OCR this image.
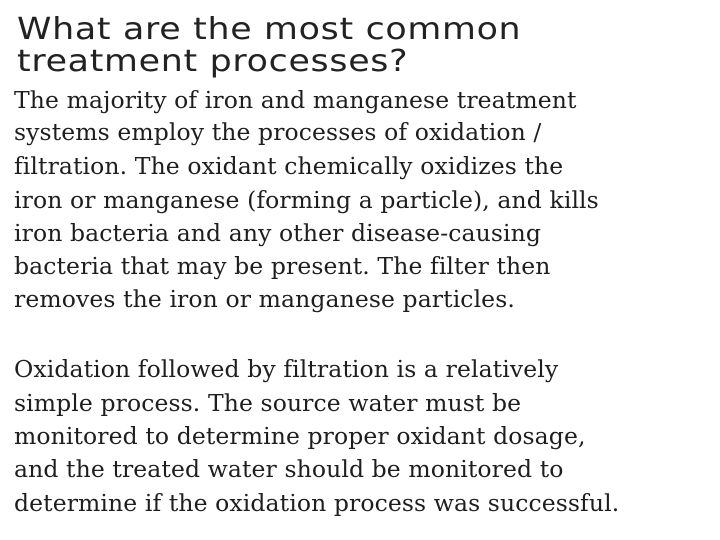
What are the most common
treatment processes?
The majority of iron and manganese treatment
systems employ the processes of oxidation /
filtration. The oxidant chemically oxidizes the
iron or manganese (forming a particle), and kills
iron bacteria and any other disease-causing
bacteria that may be present. The filter then
removes the iron or manganese particles.
Oxidation followed by filtration is a relatively
simple process. The source water must be
monitored to determine proper oxidant dosage,
and the treated water should be monitored to
determine if the oxidation process was successful.
